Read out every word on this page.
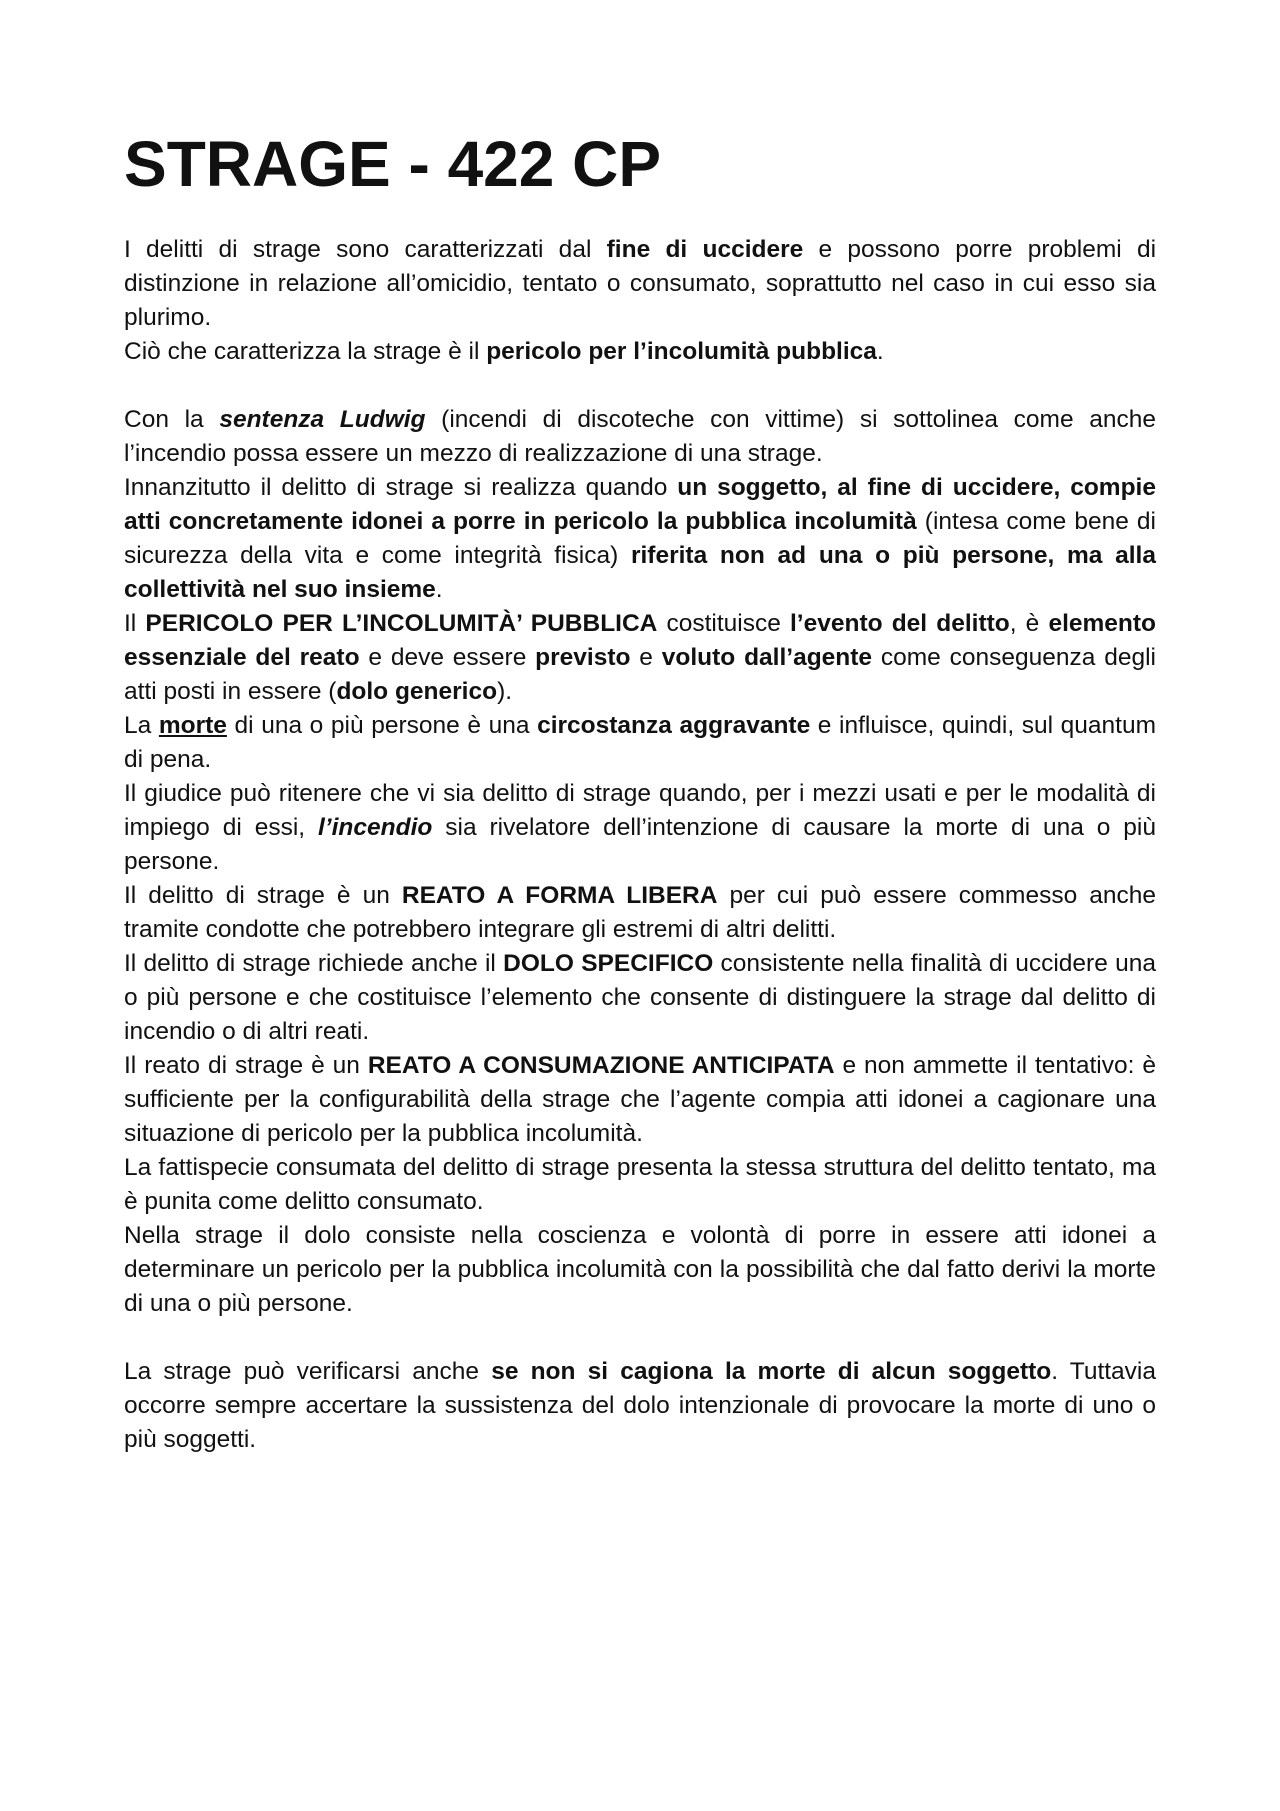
STRAGE - 422 CP

I delitti di strage sono caratterizzati dal fine di uccidere e possono porre problemi di distinzione in relazione all’omicidio, tentato o consumato, soprattutto nel caso in cui esso sia plurimo.

Ciò che caratterizza la strage è il pericolo per l’incolumità pubblica.

Con la sentenza Ludwig (incendi di discoteche con vittime) si sottolinea come anche l’incendio possa essere un mezzo di realizzazione di una strage.

Innanzitutto il delitto di strage si realizza quando un soggetto, al fine di uccidere, compie atti concretamente idonei a porre in pericolo la pubblica incolumità (intesa come bene di sicurezza della vita e come integrità fisica) riferita non ad una o più persone, ma alla collettività nel suo insieme.

Il PERICOLO PER L’INCOLUMITÀ’ PUBBLICA costituisce l’evento del delitto, è elemento essenziale del reato e deve essere previsto e voluto dall’agente come conseguenza degli atti posti in essere (dolo generico).

La morte di una o più persone è una circostanza aggravante e influisce, quindi, sul quantum di pena.

Il giudice può ritenere che vi sia delitto di strage quando, per i mezzi usati e per le modalità di impiego di essi, l’incendio sia rivelatore dell’intenzione di causare la morte di una o più persone.

Il delitto di strage è un REATO A FORMA LIBERA per cui può essere commesso anche tramite condotte che potrebbero integrare gli estremi di altri delitti.

Il delitto di strage richiede anche il DOLO SPECIFICO consistente nella finalità di uccidere una o più persone e che costituisce l’elemento che consente di distinguere la strage dal delitto di incendio o di altri reati.

Il reato di strage è un REATO A CONSUMAZIONE ANTICIPATA e non ammette il tentativo: è sufficiente per la configurabilità della strage che l’agente compia atti idonei a cagionare una situazione di pericolo per la pubblica incolumità.

La fattispecie consumata del delitto di strage presenta la stessa struttura del delitto tentato, ma è punita come delitto consumato.

Nella strage il dolo consiste nella coscienza e volontà di porre in essere atti idonei a determinare un pericolo per la pubblica incolumità con la possibilità che dal fatto derivi la morte di una o più persone.

La strage può verificarsi anche se non si cagiona la morte di alcun soggetto. Tuttavia occorre sempre accertare la sussistenza del dolo intenzionale di provocare la morte di uno o più soggetti.
